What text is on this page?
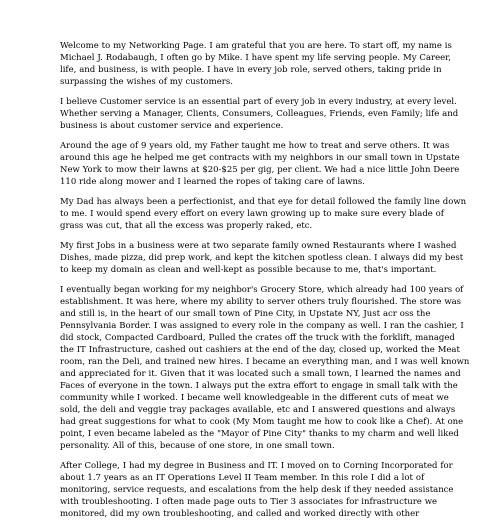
Welcome to my Networking Page. I am grateful that you are here. To start off, my name is Michael J. Rodabaugh, I often go by Mike. I have spent my life serving people. My Career, life, and business, is with people. I have in every job role, served others, taking pride in surpassing the wishes of my customers.

I believe Customer service is an essential part of every job in every industry, at every level. Whether serving a Manager, Clients, Consumers, Colleagues, Friends, even Family; life and business is about customer service and experience.

Around the age of 9 years old, my Father taught me how to treat and serve others. It was around this age he helped me get contracts with my neighbors in our small town in Upstate New York to mow their lawns at $20-$25 per gig, per client. We had a nice little John Deere 110 ride along mower and I learned the ropes of taking care of lawns.

My Dad has always been a perfectionist, and that eye for detail followed the family line down to me. I would spend every effort on every lawn growing up to make sure every blade of grass was cut, that all the excess was properly raked, etc.

My first Jobs in a business were at two separate family owned Restaurants where I washed Dishes, made pizza, did prep work, and kept the kitchen spotless clean. I always did my best to keep my domain as clean and well-kept as possible because to me, that's important.

I eventually began working for my neighbor's Grocery Store, which already had 100 years of establishment. It was here, where my ability to server others truly flourished. The store was and still is, in the heart of our small town of Pine City, in Upstate NY, Just acr oss the Pennsylvania Border. I was assigned to every role in the company as well. I ran the cashier, I did stock, Compacted Cardboard, Pulled the crates off the truck with the forklift, managed the IT Infrastructure, cashed out cashiers at the end of the day, closed up, worked the Meat room, ran the Deli, and trained new hires. I became an everything man, and I was well known and appreciated for it. Given that it was located such a small town, I learned the names and Faces of everyone in the town. I always put the extra effort to engage in small talk with the community while I worked. I became well knowledgeable in the different cuts of meat we sold, the deli and veggie tray packages available, etc and I answered questions and always had great suggestions for what to cook (My Mom taught me how to cook like a Chef). At one point, I even became labeled as the "Mayor of Pine City" thanks to my charm and well liked personality. All of this, because of one store, in one small town.

After College, I had my degree in Business and IT. I moved on to Corning Incorporated for about 1.7 years as an IT Operations Level II Team member. In this role I did a lot of monitoring, service requests, and escalations from the help desk if they needed assistance with troubleshooting. I often made page outs to Tier 3 associates for infrastructure we monitored, did my own troubleshooting, and called and worked directly with other
